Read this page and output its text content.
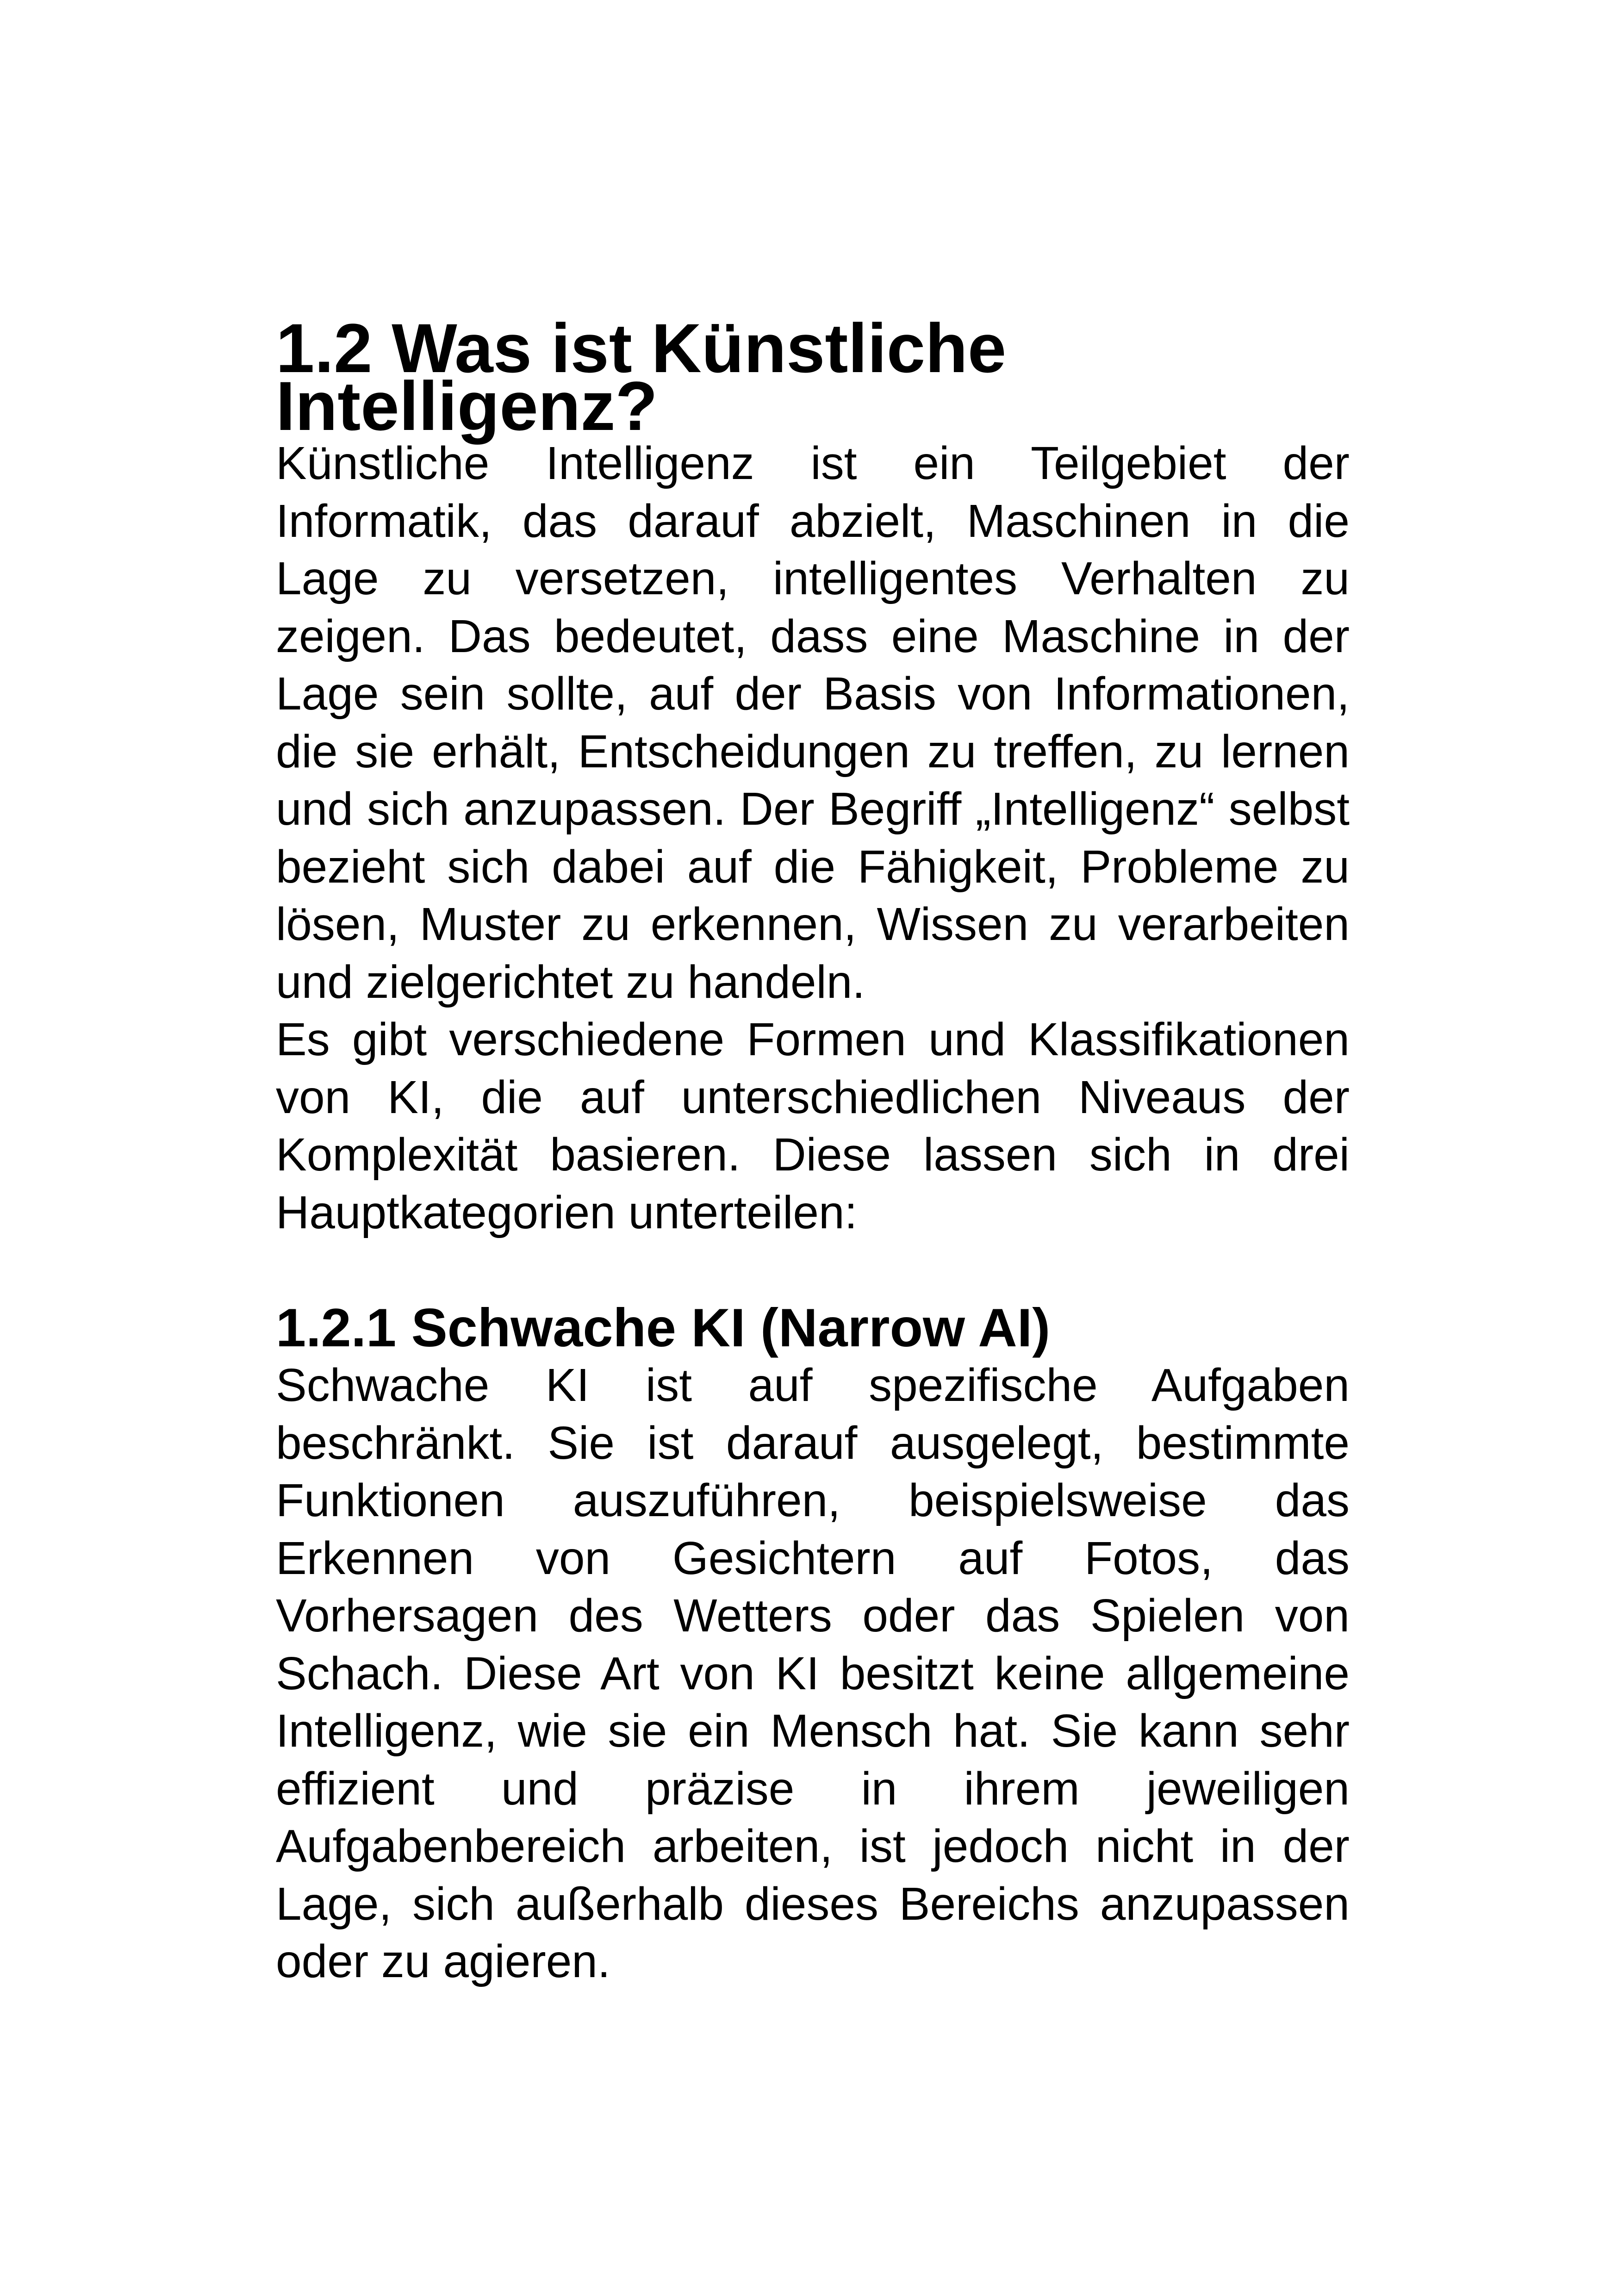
1.2 Was ist Künstliche Intelligenz?

Künstliche Intelligenz ist ein Teilgebiet der Informatik, das darauf abzielt, Maschinen in die Lage zu versetzen, intelligentes Verhalten zu zeigen. Das bedeutet, dass eine Maschine in der Lage sein sollte, auf der Basis von Informationen, die sie erhält, Entscheidungen zu treffen, zu lernen und sich anzupassen. Der Begriff „Intelligenz“ selbst bezieht sich dabei auf die Fähigkeit, Probleme zu lösen, Muster zu erkennen, Wissen zu verarbeiten und zielgerichtet zu handeln.

Es gibt verschiedene Formen und Klassifikationen von KI, die auf unterschiedlichen Niveaus der Komplexität basieren. Diese lassen sich in drei Hauptkategorien unterteilen:

1.2.1 Schwache KI (Narrow AI)

Schwache KI ist auf spezifische Aufgaben beschränkt. Sie ist darauf ausgelegt, bestimmte Funktionen auszuführen, beispielsweise das Erkennen von Gesichtern auf Fotos, das Vorhersagen des Wetters oder das Spielen von Schach. Diese Art von KI besitzt keine allgemeine Intelligenz, wie sie ein Mensch hat. Sie kann sehr effizient und präzise in ihrem jeweiligen Aufgabenbereich arbeiten, ist jedoch nicht in der Lage, sich außerhalb dieses Bereichs anzupassen oder zu agieren.
